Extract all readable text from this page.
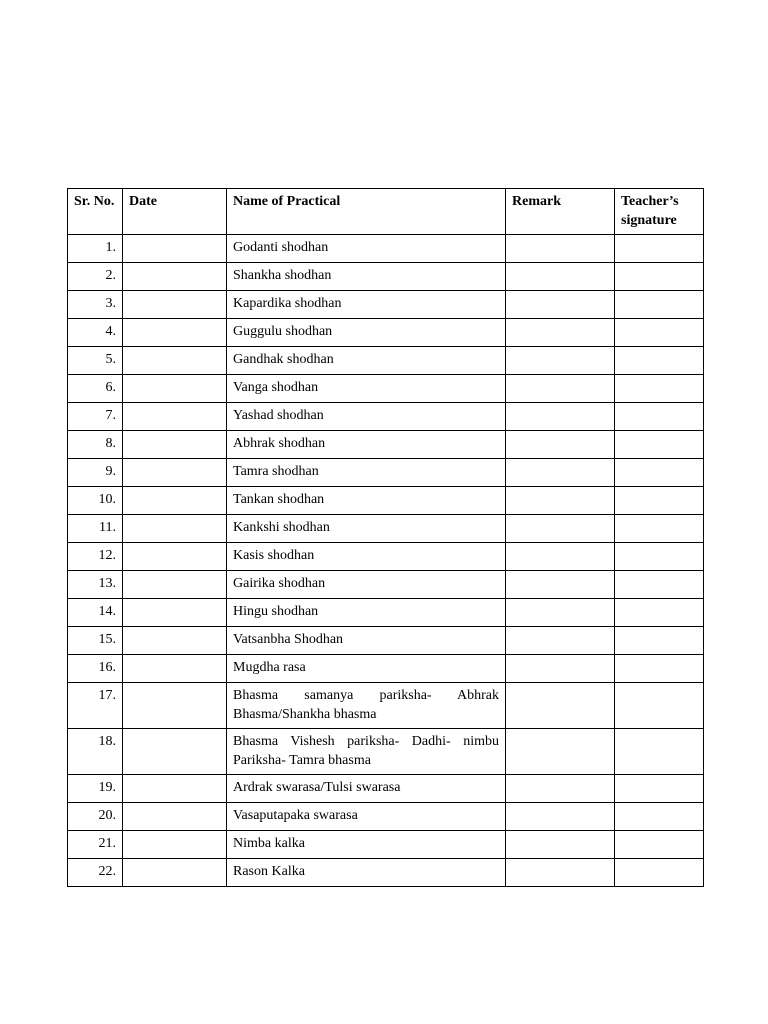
Sr. No.	Date	Name of Practical	Remark	Teacher’s signature
1.		Godanti shodhan		
2.		Shankha shodhan		
3.		Kapardika shodhan		
4.		Guggulu shodhan		
5.		Gandhak shodhan		
6.		Vanga shodhan		
7.		Yashad shodhan		
8.		Abhrak shodhan		
9.		Tamra shodhan		
10.		Tankan shodhan		
11.		Kankshi shodhan		
12.		Kasis shodhan		
13.		Gairika shodhan		
14.		Hingu shodhan		
15.		Vatsanbha Shodhan		
16.		Mugdha rasa		
17.		Bhasma samanya pariksha- Abhrak Bhasma/Shankha bhasma		
18.		Bhasma Vishesh pariksha- Dadhi- nimbu Pariksha- Tamra bhasma		
19.		Ardrak swarasa/Tulsi swarasa		
20.		Vasaputapaka swarasa		
21.		Nimba kalka		
22.		Rason Kalka		
